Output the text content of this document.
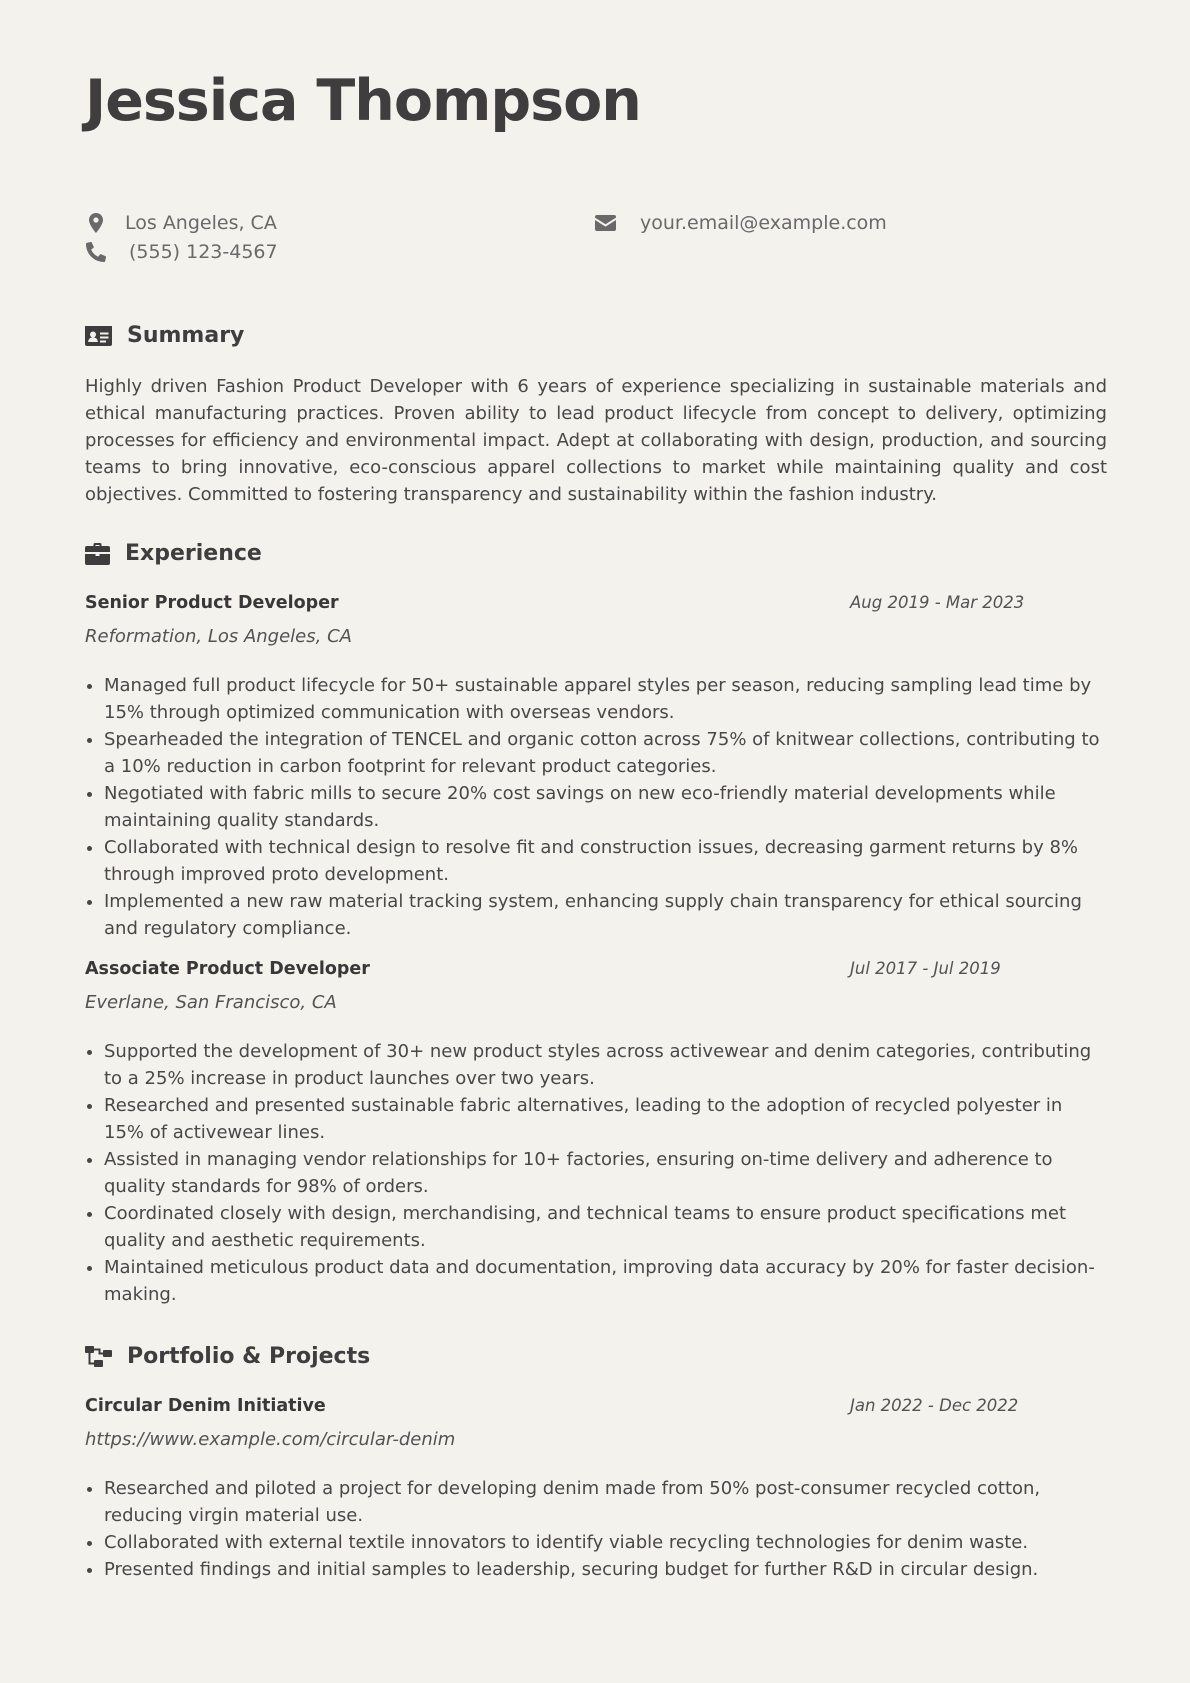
Jessica Thompson
Los Angeles, CA
(555) 123-4567
your.email@example.com
Summary

Highly driven Fashion Product Developer with 6 years of experience specializing in sustainable materials and ethical manufacturing practices. Proven ability to lead product lifecycle from concept to delivery, optimizing processes for efficiency and environmental impact. Adept at collaborating with design, production, and sourcing teams to bring innovative, eco-conscious apparel collections to market while maintaining quality and cost objectives. Committed to fostering transparency and sustainability within the fashion industry.

Experience

Senior Product Developer	Aug 2019 - Mar 2023

Reformation, Los Angeles, CA

Managed full product lifecycle for 50+ sustainable apparel styles per season, reducing sampling lead time by 15% through optimized communication with overseas vendors.
Spearheaded the integration of TENCEL and organic cotton across 75% of knitwear collections, contributing to a 10% reduction in carbon footprint for relevant product categories.
Negotiated with fabric mills to secure 20% cost savings on new eco-friendly material developments while maintaining quality standards.
Collaborated with technical design to resolve fit and construction issues, decreasing garment returns by 8% through improved proto development.
Implemented a new raw material tracking system, enhancing supply chain transparency for ethical sourcing and regulatory compliance.

Associate Product Developer	Jul 2017 - Jul 2019

Everlane, San Francisco, CA

Supported the development of 30+ new product styles across activewear and denim categories, contributing to a 25% increase in product launches over two years.
Researched and presented sustainable fabric alternatives, leading to the adoption of recycled polyester in 15% of activewear lines.
Assisted in managing vendor relationships for 10+ factories, ensuring on-time delivery and adherence to quality standards for 98% of orders.
Coordinated closely with design, merchandising, and technical teams to ensure product specifications met quality and aesthetic requirements.
Maintained meticulous product data and documentation, improving data accuracy by 20% for faster decision-making.
Portfolio & Projects

Circular Denim Initiative	Jan 2022 - Dec 2022

https://www.example.com/circular-denim

Researched and piloted a project for developing denim made from 50% post-consumer recycled cotton, reducing virgin material use.
Collaborated with external textile innovators to identify viable recycling technologies for denim waste.
Presented findings and initial samples to leadership, securing budget for further R&D in circular design.
